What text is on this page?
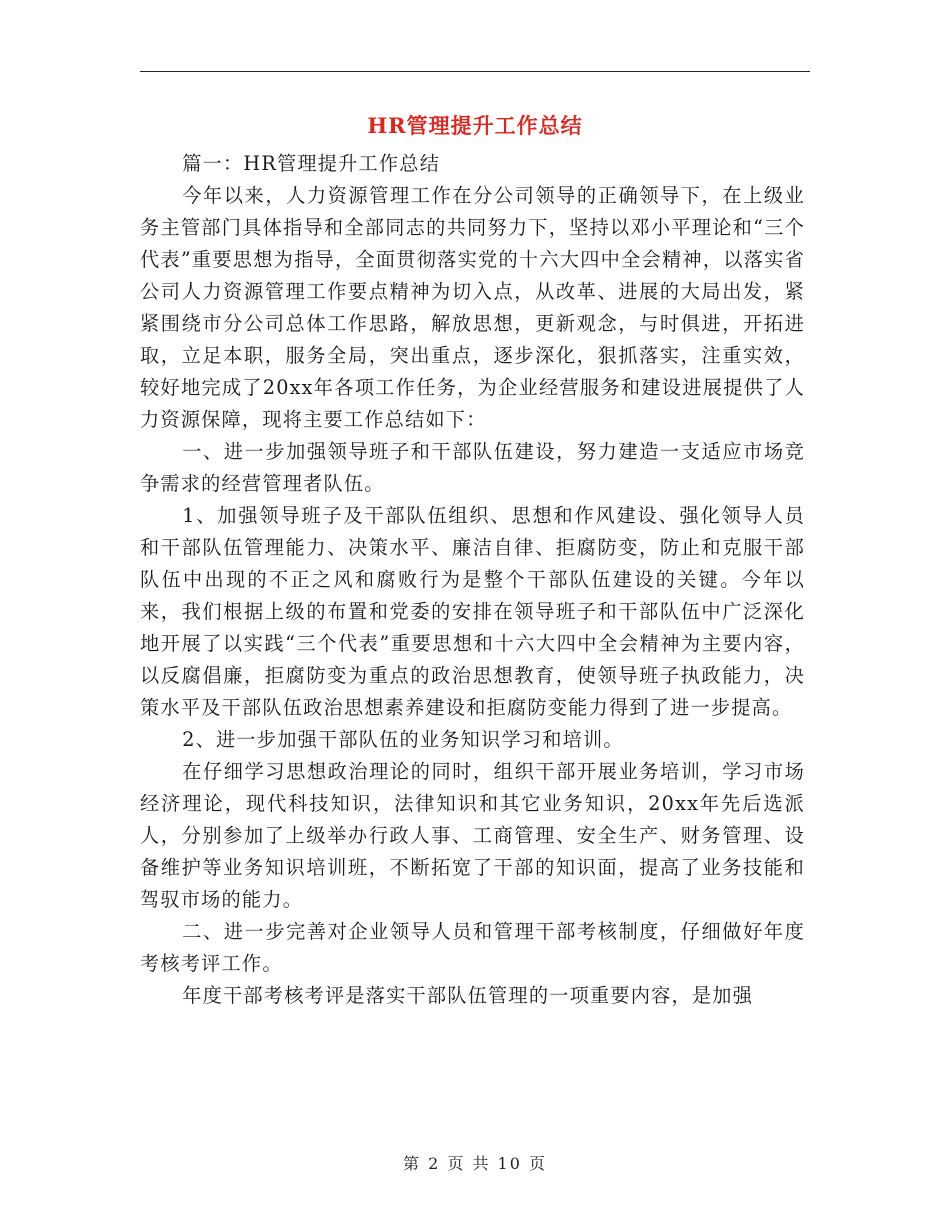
HR管理提升工作总结

篇一：HR管理提升工作总结

今年以来，人力资源管理工作在分公司领导的正确领导下，在上级业务主管部门具体指导和全部同志的共同努力下，坚持以邓小平理论和“三个代表”重要思想为指导，全面贯彻落实党的十六大四中全会精神，以落实省公司人力资源管理工作要点精神为切入点，从改革、进展的大局出发，紧紧围绕市分公司总体工作思路，解放思想，更新观念，与时俱进，开拓进取，立足本职，服务全局，突出重点，逐步深化，狠抓落实，注重实效，较好地完成了20xx年各项工作任务，为企业经营服务和建设进展提供了人力资源保障，现将主要工作总结如下：

一、进一步加强领导班子和干部队伍建设，努力建造一支适应市场竞争需求的经营管理者队伍。

1、加强领导班子及干部队伍组织、思想和作风建设、强化领导人员和干部队伍管理能力、决策水平、廉洁自律、拒腐防变，防止和克服干部队伍中出现的不正之风和腐败行为是整个干部队伍建设的关键。今年以来，我们根据上级的布置和党委的安排在领导班子和干部队伍中广泛深化地开展了以实践“三个代表”重要思想和十六大四中全会精神为主要内容，以反腐倡廉，拒腐防变为重点的政治思想教育，使领导班子执政能力，决策水平及干部队伍政治思想素养建设和拒腐防变能力得到了进一步提高。

2、进一步加强干部队伍的业务知识学习和培训。

在仔细学习思想政治理论的同时，组织干部开展业务培训，学习市场经济理论，现代科技知识，法律知识和其它业务知识，20xx年先后选派人，分别参加了上级举办行政人事、工商管理、安全生产、财务管理、设备维护等业务知识培训班，不断拓宽了干部的知识面，提高了业务技能和驾驭市场的能力。

二、进一步完善对企业领导人员和管理干部考核制度，仔细做好年度考核考评工作。

年度干部考核考评是落实干部队伍管理的一项重要内容，是加强

第 2 页 共 10 页
